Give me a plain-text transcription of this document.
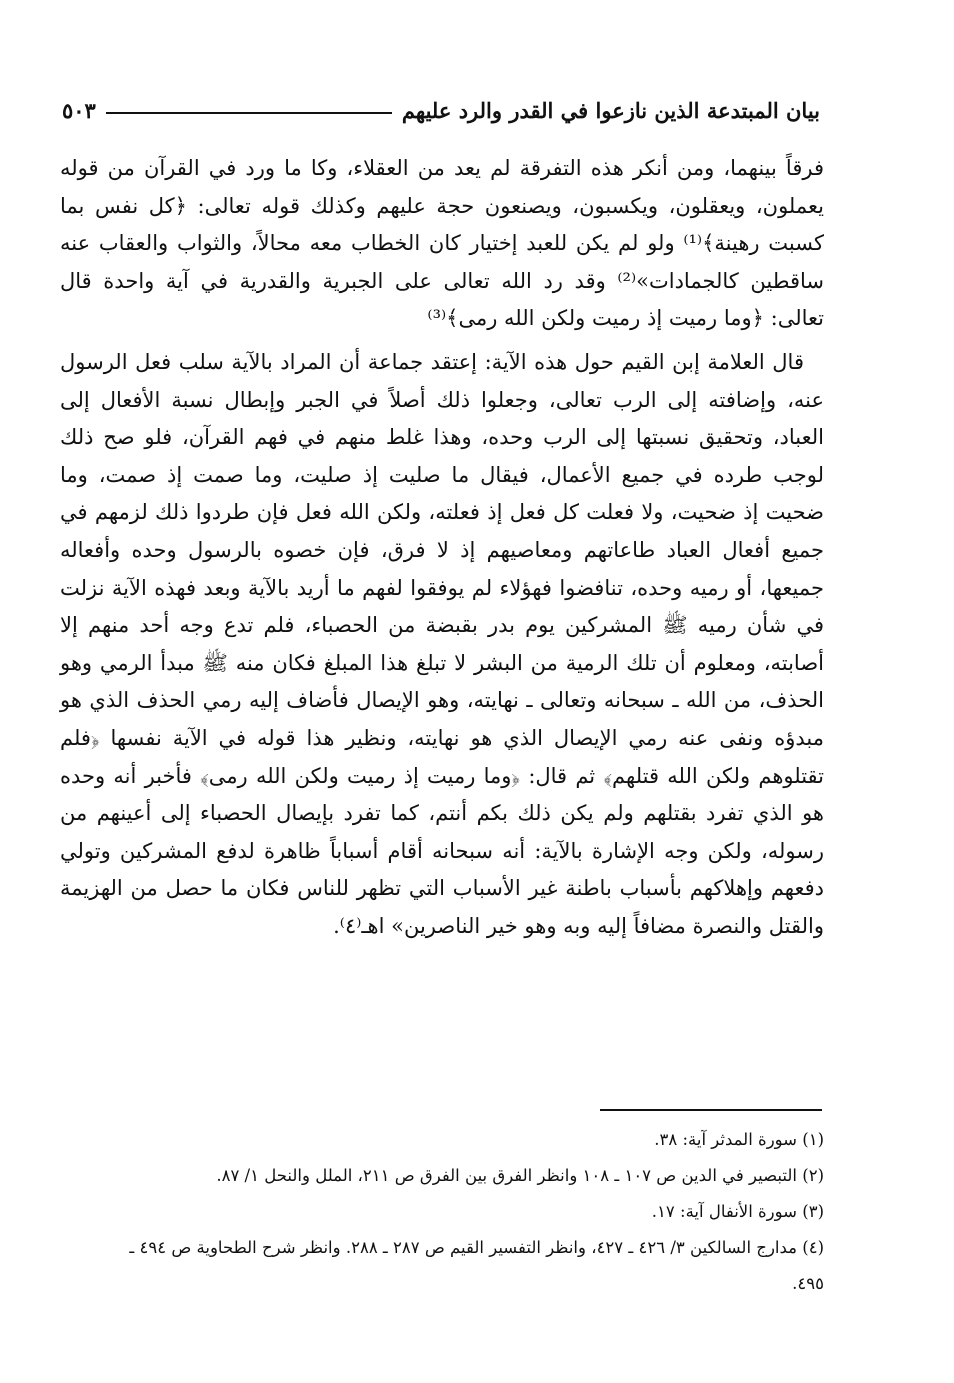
بيان المبتدعة الذين نازعوا في القدر والرد عليهم
٥٠٣

فرقاً بينهما، ومن أنكر هذه التفرقة لم يعد من العقلاء، وكا ما ورد في القرآن من قوله يعملون، ويعقلون، ويكسبون، ويصنعون حجة عليهم وكذلك قوله تعالى: ﴿كل نفس بما كسبت رهينة﴾⁽¹⁾ ولو لم يكن للعبد إختيار كان الخطاب معه محالاً، والثواب والعقاب عنه ساقطين كالجمادات»⁽²⁾ وقد رد الله تعالى على الجبرية والقدرية في آية واحدة قال تعالى: ﴿وما رميت إذ رميت ولكن الله رمى﴾⁽³⁾

قال العلامة إبن القيم حول هذه الآية: إعتقد جماعة أن المراد بالآية سلب فعل الرسول عنه، وإضافته إلى الرب تعالى، وجعلوا ذلك أصلاً في الجبر وإبطال نسبة الأفعال إلى العباد، وتحقيق نسبتها إلى الرب وحده، وهذا غلط منهم في فهم القرآن، فلو صح ذلك لوجب طرده في جميع الأعمال، فيقال ما صليت إذ صليت، وما صمت إذ صمت، وما ضحيت إذ ضحيت، ولا فعلت كل فعل إذ فعلته، ولكن الله فعل فإن طردوا ذلك لزمهم في جميع أفعال العباد طاعاتهم ومعاصيهم إذ لا فرق، فإن خصوه بالرسول وحده وأفعاله جميعها، أو رميه وحده، تنافضوا فهؤلاء لم يوفقوا لفهم ما أريد بالآية وبعد فهذه الآية نزلت في شأن رميه ﷺ المشركين يوم بدر بقبضة من الحصباء، فلم تدع وجه أحد منهم إلا أصابته، ومعلوم أن تلك الرمية من البشر لا تبلغ هذا المبلغ فكان منه ﷺ مبدأ الرمي وهو الحذف، من الله ـ سبحانه وتعالى ـ نهايته، وهو الإيصال فأضاف إليه رمي الحذف الذي هو مبدؤه ونفى عنه رمي الإيصال الذي هو نهايته، ونظير هذا قوله في الآية نفسها ﴿فلم تقتلوهم ولكن الله قتلهم﴾ ثم قال: ﴿وما رميت إذ رميت ولكن الله رمى﴾ فأخبر أنه وحده هو الذي تفرد بقتلهم ولم يكن ذلك بكم أنتم، كما تفرد بإيصال الحصباء إلى أعينهم من رسوله، ولكن وجه الإشارة بالآية: أنه سبحانه أقام أسباباً ظاهرة لدفع المشركين وتولي دفعهم وإهلاكهم بأسباب باطنة غير الأسباب التي تظهر للناس فكان ما حصل من الهزيمة والقتل والنصرة مضافاً إليه وبه وهو خير الناصرين» اهـ⁽٤⁾.

(١) سورة المدثر آية: ٣٨.

(٢) التبصير في الدين ص ١٠٧ ـ ١٠٨ وانظر الفرق بين الفرق ص ٢١١، الملل والنحل ١/ ٨٧.

(٣) سورة الأنفال آية: ١٧.

(٤) مدارج السالكين ٣/ ٤٢٦ ـ ٤٢٧، وانظر التفسير القيم ص ٢٨٧ ـ ٢٨٨. وانظر شرح الطحاوية ص ٤٩٤ ـ

٤٩٥.
